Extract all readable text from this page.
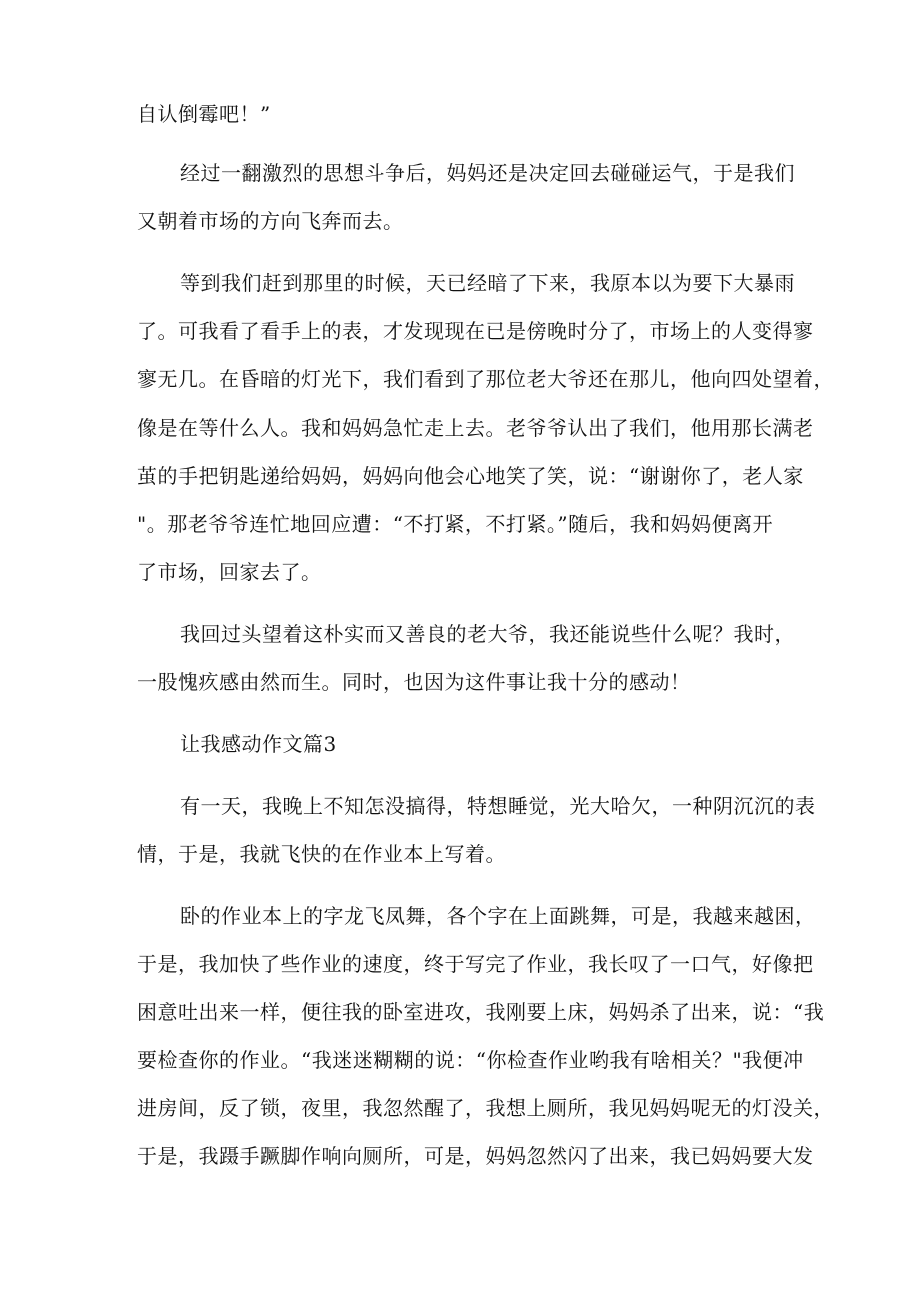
自认倒霉吧！”
经过一翻激烈的思想斗争后，妈妈还是决定回去碰碰运气，于是我们
又朝着市场的方向飞奔而去。
等到我们赶到那里的时候，天已经暗了下来，我原本以为要下大暴雨
了。可我看了看手上的表，才发现现在已是傍晚时分了，市场上的人变得寥
寥无几。在昏暗的灯光下，我们看到了那位老大爷还在那儿，他向四处望着，
像是在等什么人。我和妈妈急忙走上去。老爷爷认出了我们，他用那长满老
茧的手把钥匙递给妈妈，妈妈向他会心地笑了笑，说：“谢谢你了，老人家
"。那老爷爷连忙地回应遭：“不打紧，不打紧。”随后，我和妈妈便离开
了市场，回家去了。
我回过头望着这朴实而又善良的老大爷，我还能说些什么呢？我时，
一股愧疚感由然而生。同时，也因为这件事让我十分的感动！
让我感动作文篇3
有一天，我晚上不知怎没搞得，特想睡觉，光大哈欠，一种阴沉沉的表
情，于是，我就飞快的在作业本上写着。
卧的作业本上的字龙飞凤舞，各个字在上面跳舞，可是，我越来越困，
于是，我加快了些作业的速度，终于写完了作业，我长叹了一口气，好像把
困意吐出来一样，便往我的卧室进攻，我刚要上床，妈妈杀了出来，说：“我
要检查你的作业。“我迷迷糊糊的说：“你检查作业哟我有啥相关？"我便冲
进房间，反了锁，夜里，我忽然醒了，我想上厕所，我见妈妈呢无的灯没关，
于是，我蹑手蹶脚作响向厕所，可是，妈妈忽然闪了出来，我已妈妈要大发
